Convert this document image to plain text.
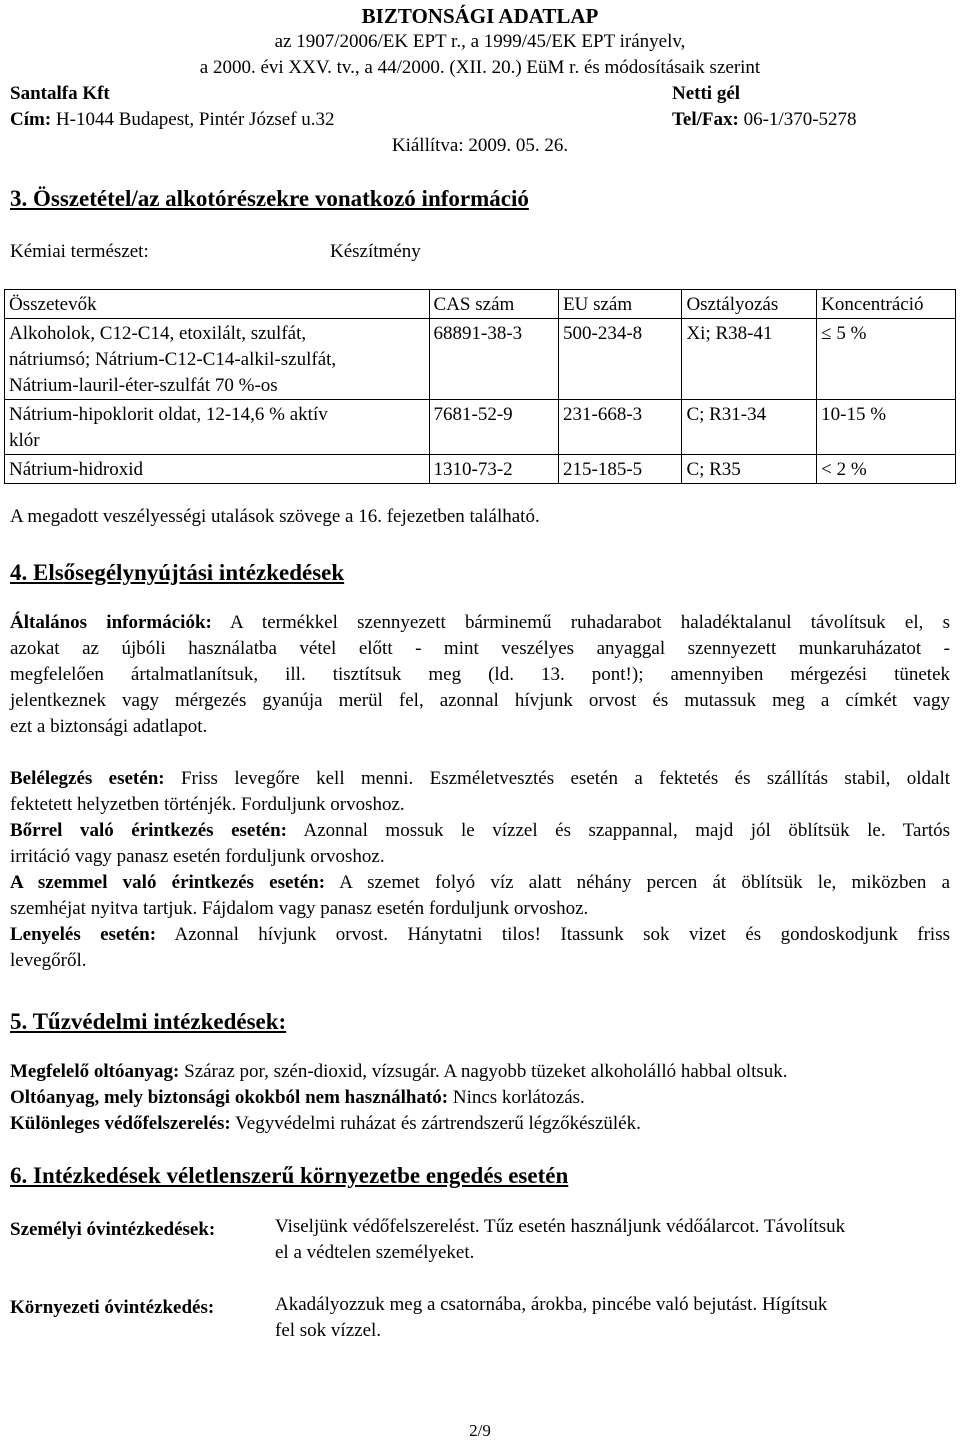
BIZTONSÁGI ADATLAP
az 1907/2006/EK EPT r., a 1999/45/EK EPT irányelv,
a 2000. évi XXV. tv., a 44/2000. (XII. 20.) EüM r. és módosításaik szerint
Santalfa Kft	Netti gél
Cím: H-1044 Budapest, Pintér József u.32	Tel/Fax: 06-1/370-5278
Kiállítva: 2009. 05. 26.
3. Összetétel/az alkotórészekre vonatkozó információ
Kémiai természet:	Készítmény
Összetevők	CAS szám	EU szám	Osztályozás	Koncentráció

Alkoholok, C12-C14, etoxilált, szulfát,
nátriumsó; Nátrium-C12-C14-alkil-szulfát,
Nátrium-lauril-éter-szulfát 70 %-os	68891-38-3	500-234-8	Xi; R38-41	≤ 5 %

Nátrium-hipoklorit oldat, 12-14,6 % aktív
klór	7681-52-9	231-668-3	C; R31-34	10-15 %
Nátrium-hidroxid	1310-73-2	215-185-5	C; R35	< 2 %
A megadott veszélyességi utalások szövege a 16. fejezetben található.
4. Elsősegélynyújtási intézkedések
Általános információk: A termékkel szennyezett bárminemű ruhadarabot haladéktalanul távolítsuk el, s
azokat az újbóli használatba vétel előtt - mint veszélyes anyaggal szennyezett munkaruházatot -
megfelelően ártalmatlanítsuk, ill. tisztítsuk meg (ld. 13. pont!); amennyiben mérgezési tünetek
jelentkeznek vagy mérgezés gyanúja merül fel, azonnal hívjunk orvost és mutassuk meg a címkét vagy
ezt a biztonsági adatlapot.
Belélegzés esetén: Friss levegőre kell menni. Eszméletvesztés esetén a fektetés és szállítás stabil, oldalt
fektetett helyzetben történjék. Forduljunk orvoshoz.
Bőrrel való érintkezés esetén: Azonnal mossuk le vízzel és szappannal, majd jól öblítsük le. Tartós
irritáció vagy panasz esetén forduljunk orvoshoz.
A szemmel való érintkezés esetén: A szemet folyó víz alatt néhány percen át öblítsük le, miközben a
szemhéjat nyitva tartjuk. Fájdalom vagy panasz esetén forduljunk orvoshoz.
Lenyelés esetén: Azonnal hívjunk orvost. Hánytatni tilos! Itassunk sok vizet és gondoskodjunk friss
levegőről.
5. Tűzvédelmi intézkedések:
Megfelelő oltóanyag: Száraz por, szén-dioxid, vízsugár. A nagyobb tüzeket alkoholálló habbal oltsuk.
Oltóanyag, mely biztonsági okokból nem használható: Nincs korlátozás.
Különleges védőfelszerelés: Vegyvédelmi ruházat és zártrendszerű légzőkészülék.
6. Intézkedések véletlenszerű környezetbe engedés esetén
Személyi óvintézkedések:	Viseljünk védőfelszerelést. Tűz esetén használjunk védőálarcot. Távolítsuk
el a védtelen személyeket.
Környezeti óvintézkedés:	Akadályozzuk meg a csatornába, árokba, pincébe való bejutást. Hígítsuk
fel sok vízzel.
2/9
